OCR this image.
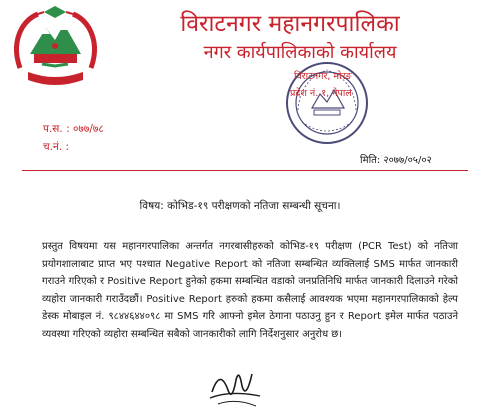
विराटनगर महानगरपालिका
नगर कार्यपालिकाको कार्यालय
विराटनगर, मोरङ
प्रदेश नं. १, नेपाल
प.स. : ०७७/७८
च.नं. :
मिति: २०७७/०५/०२
विषय: कोभिड-१९ परीक्षणको नतिजा सम्बन्धी सूचना।
प्रस्तुत विषयमा यस महानगरपालिका अन्तर्गत नगरबासीहरुको कोभिड-१९ परीक्षण (PCR Test) को नतिजा प्रयोगशालाबाट प्राप्त भए पश्चात Negative Report को नतिजा सम्बन्धित व्यक्तिलाई SMS मार्फत जानकारी गराउने गरिएको र Positive Report हुनेको हकमा सम्बन्धित वडाको जनप्रतिनिधि मार्फत जानकारी दिलाउने गरेको व्यहोरा जानकारी गराउँदछौं। Positive Report हरुको हकमा कसैलाई आवश्यक भएमा महानगरपालिकाको हेल्प डेस्क मोबाइल नं. ९८४४६४४०९८ मा SMS गरि आफ्नो इमेल ठेगाना पठाउनु हुन र Report इमेल मार्फत पठाउने व्यवस्था गरिएको व्यहोरा सम्बन्धित सबैको जानकारीको लागि निर्देशनुसार अनुरोध छ।
